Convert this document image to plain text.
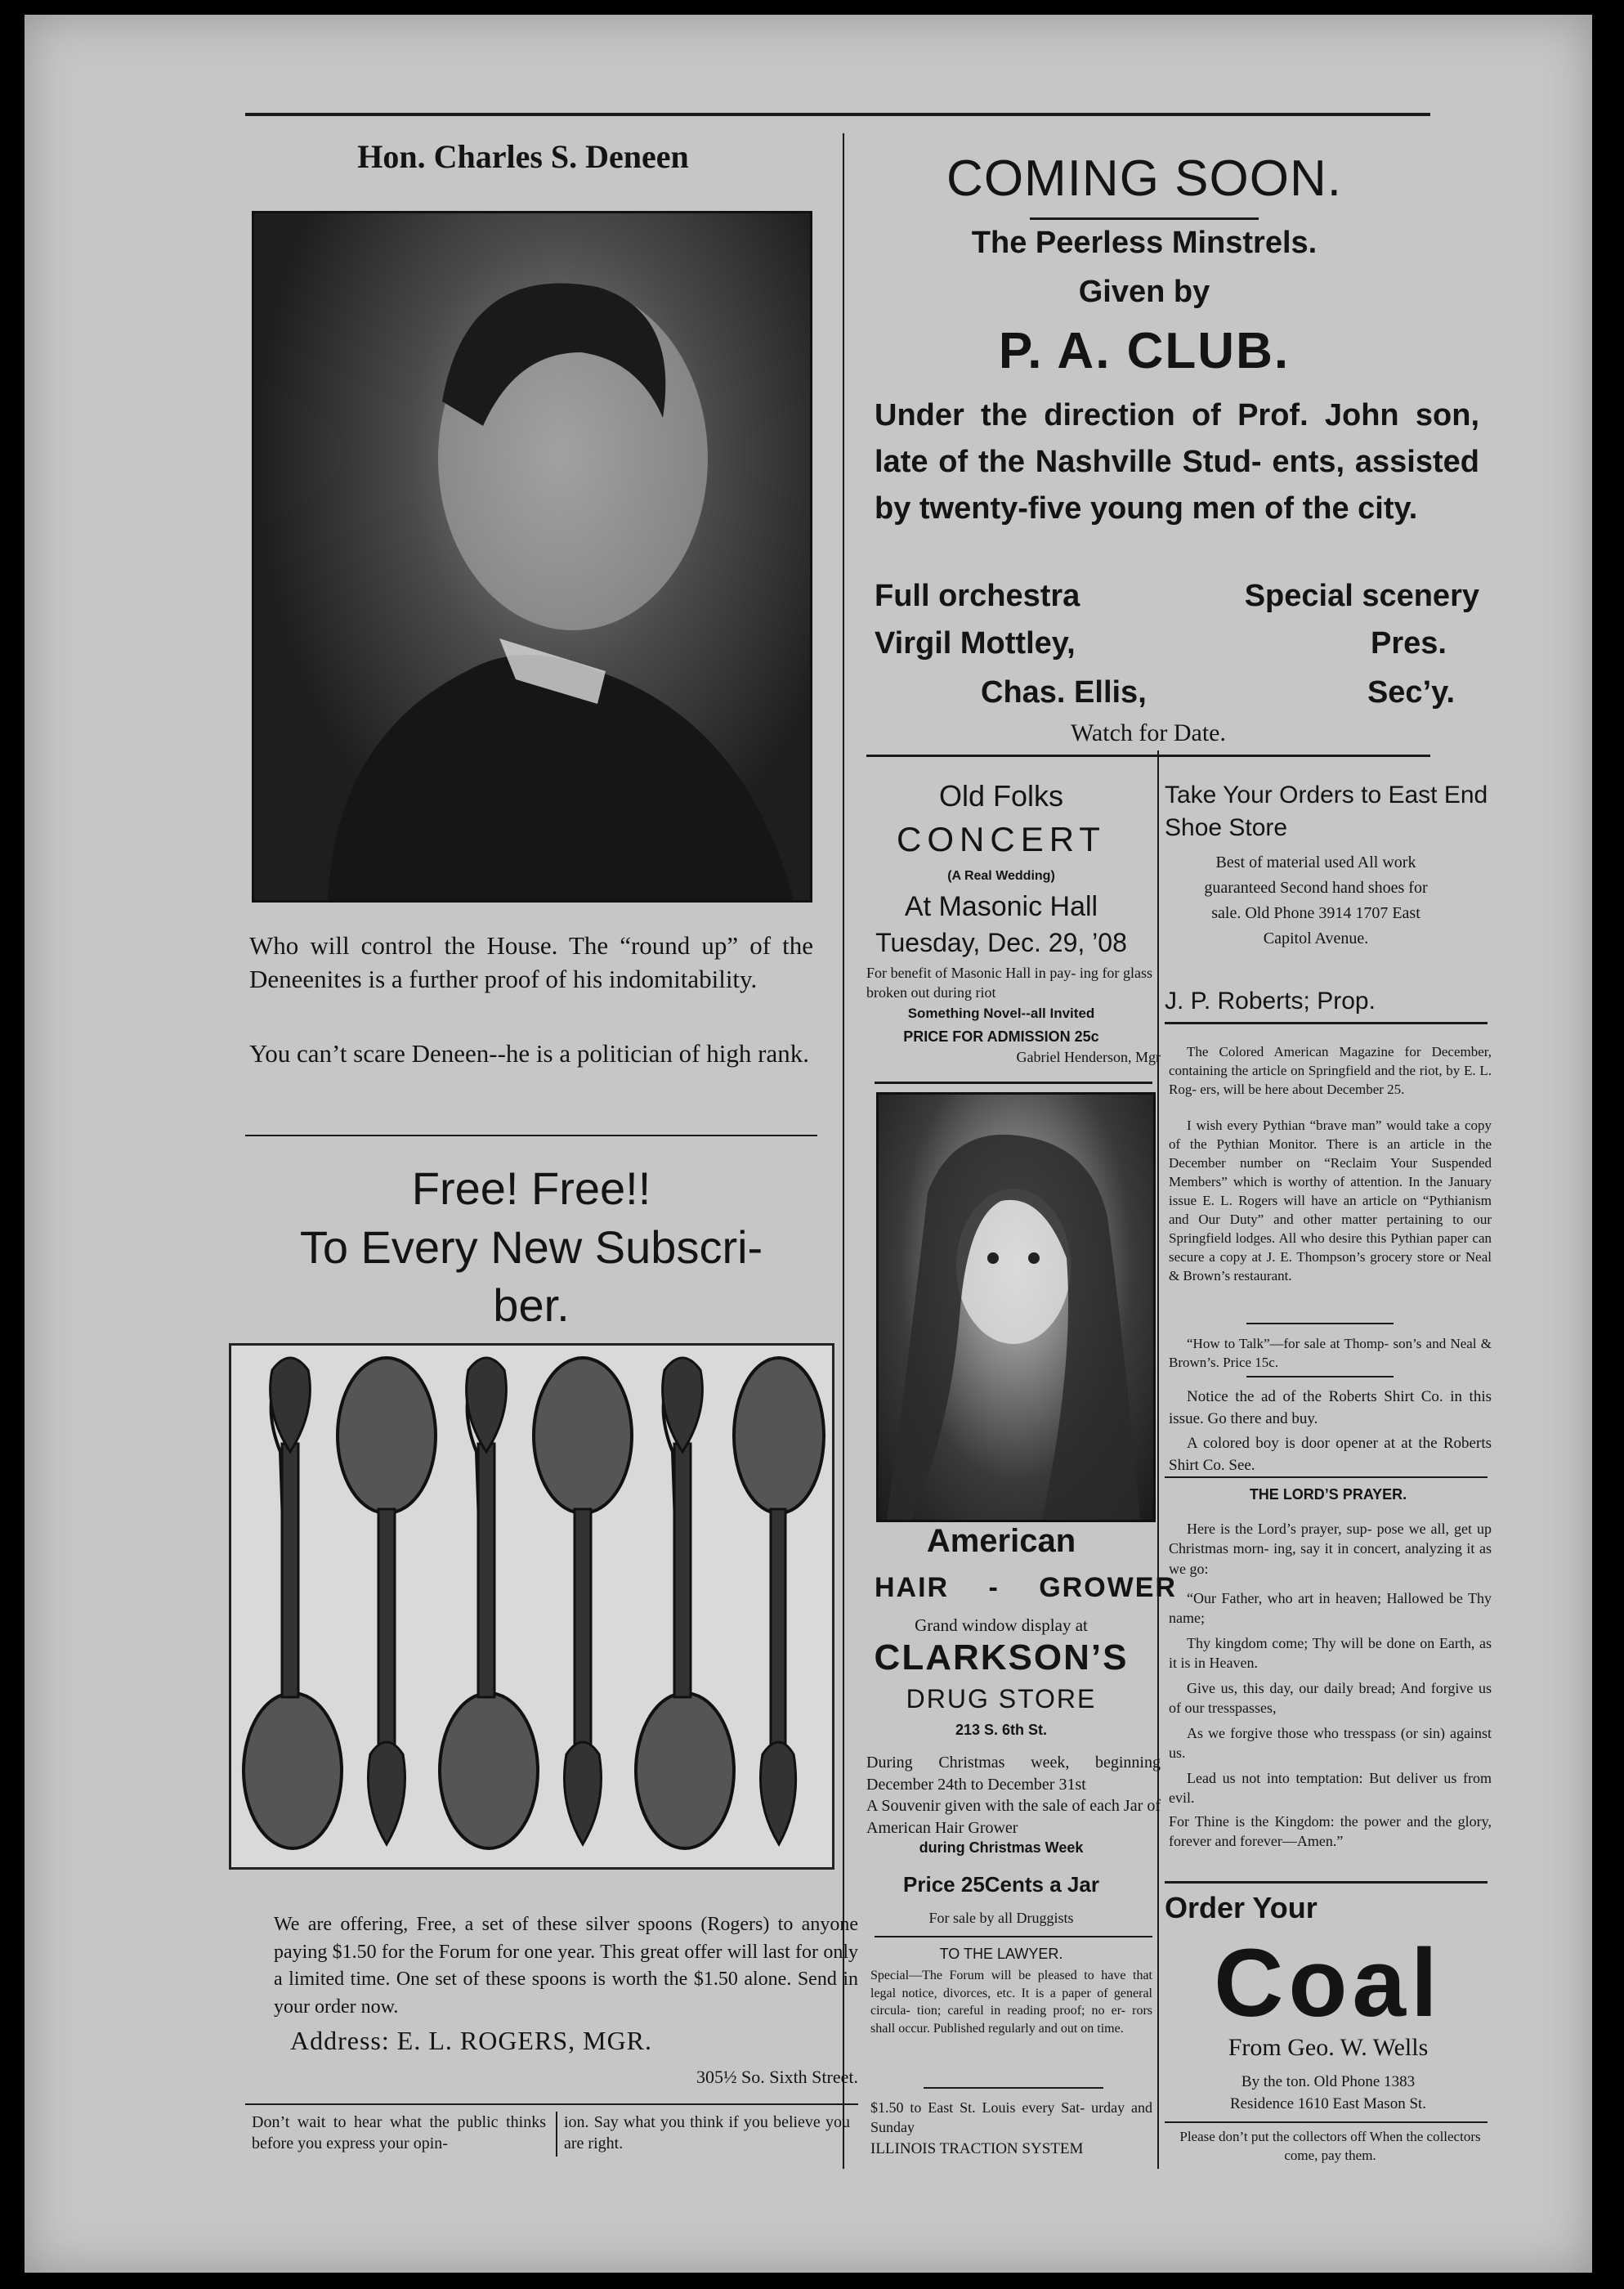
Hon. Charles S. Deneen

Who will control the House. The “round up” of the Deneenites is a further proof of his indomitability.

You can’t scare Deneen--he is a politician of high rank.

Free! Free!!
To Every New Subscri-
ber.

We are offering, Free, a set of these silver spoons (Rogers) to anyone paying $1.50 for the Forum for one year. This great offer will last for only a limited time. One set of these spoons is worth the $1.50 alone. Send in your order now.

Address: E. L. ROGERS, MGR.
305½ So. Sixth Street.

Don’t wait to hear what the public thinks before you express your opin-

ion. Say what you think if you believe you are right.

COMING SOON.
The Peerless Minstrels.
Given by
P. A. CLUB.

Under the direction of Prof. John son, late of the Nashville Stud- ents, assisted by twenty-five young men of the city.

Full orchestra	Special scenery
Virgil Mottley,	Pres.
Chas. Ellis,	Sec’y.
Watch for Date.
Old Folks
CONCERT
(A Real Wedding)
At Masonic Hall
Tuesday, Dec. 29, ’08

For benefit of Masonic Hall in pay- ing for glass broken out during riot

Something Novel--all Invited
PRICE FOR ADMISSION 25c
Gabriel Henderson, Mgr
American
HAIR - GROWER
Grand window display at
CLARKSON’S
DRUG STORE
213 S. 6th St.

During Christmas week, beginning December 24th to December 31st

A Souvenir given with the sale of each Jar of American Hair Grower

during Christmas Week
Price 25Cents a Jar
For sale by all Druggists
TO THE LAWYER.

Special—The Forum will be pleased to have that legal notice, divorces, etc. It is a paper of general circula- tion; careful in reading proof; no er- rors shall occur. Published regularly and out on time.

$1.50 to East St. Louis every Sat- urday and Sunday

ILLINOIS TRACTION SYSTEM
Take Your Orders to East End Shoe Store

Best of material used All work guaranteed Second hand shoes for sale. Old Phone 3914 1707 East Capitol Avenue.

J. P. Roberts; Prop.

The Colored American Magazine for December, containing the article on Springfield and the riot, by E. L. Rog- ers, will be here about December 25.

I wish every Pythian “brave man” would take a copy of the Pythian Monitor. There is an article in the December number on “Reclaim Your Suspended Members” which is worthy of attention. In the January issue E. L. Rogers will have an article on “Pythianism and Our Duty” and other matter pertaining to our Springfield lodges. All who desire this Pythian paper can secure a copy at J. E. Thompson’s grocery store or Neal & Brown’s restaurant.

“How to Talk”—for sale at Thomp- son’s and Neal & Brown’s. Price 15c.

Notice the ad of the Roberts Shirt Co. in this issue. Go there and buy.

A colored boy is door opener at at the Roberts Shirt Co. See.

THE LORD’S PRAYER.

Here is the Lord’s prayer, sup- pose we all, get up Christmas morn- ing, say it in concert, analyzing it as we go:

“Our Father, who art in heaven; Hallowed be Thy name;

Thy kingdom come; Thy will be done on Earth, as it is in Heaven.

Give us, this day, our daily bread; And forgive us of our tresspasses,

As we forgive those who tresspass (or sin) against us.

Lead us not into temptation: But deliver us from evil.

For Thine is the Kingdom: the power and the glory, forever and forever—Amen.”

Order Your
Coal
From Geo. W. Wells
By the ton. Old Phone 1383
Residence 1610 East Mason St.

Please don’t put the collectors off When the collectors come, pay them.
